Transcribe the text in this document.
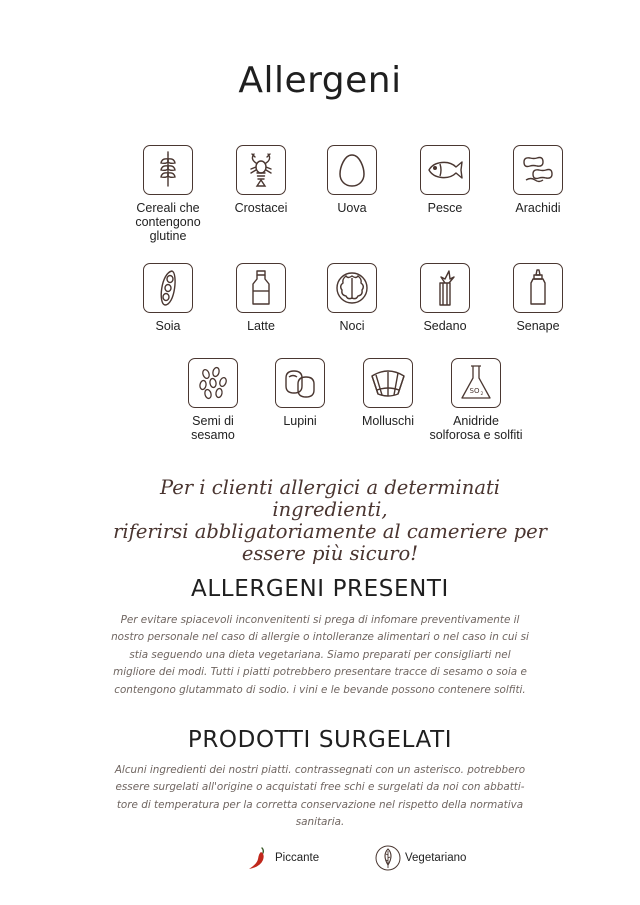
Allergeni
Cereali che
contengono
glutine
Crostacei	Uova	Pesce	Arachidi
Soia	Latte	Noci	Sedano	Senape
Semi di
sesamo
Lupini	Molluschi
SO 2
Anidride
solforosa e solfiti
Per i clienti allergici a determinati ingredienti,
riferirsi abbligatoriamente al cameriere per
essere più sicuro!
ALLERGENI PRESENTI
Per evitare spiacevoli inconvenitenti si prega di infomare preventivamente il
nostro personale nel caso di allergie o intolleranze alimentari o nel caso in cui si
stia seguendo una dieta vegetariana. Siamo preparati per consigliarti nel
migliore dei modi. Tutti i piatti potrebbero presentare tracce di sesamo o soia e
contengono glutammato di sodio. i vini e le bevande possono contenere solfiti.
PRODOTTI SURGELATI
Alcuni ingredienti dei nostri piatti. contrassegnati con un asterisco. potrebbero
essere surgelati all'origine o acquistati free schi e surgelati da noi con abbatti-
tore di temperatura per la corretta conservazione nel rispetto della normativa
sanitaria.
Piccante	Vegetariano
